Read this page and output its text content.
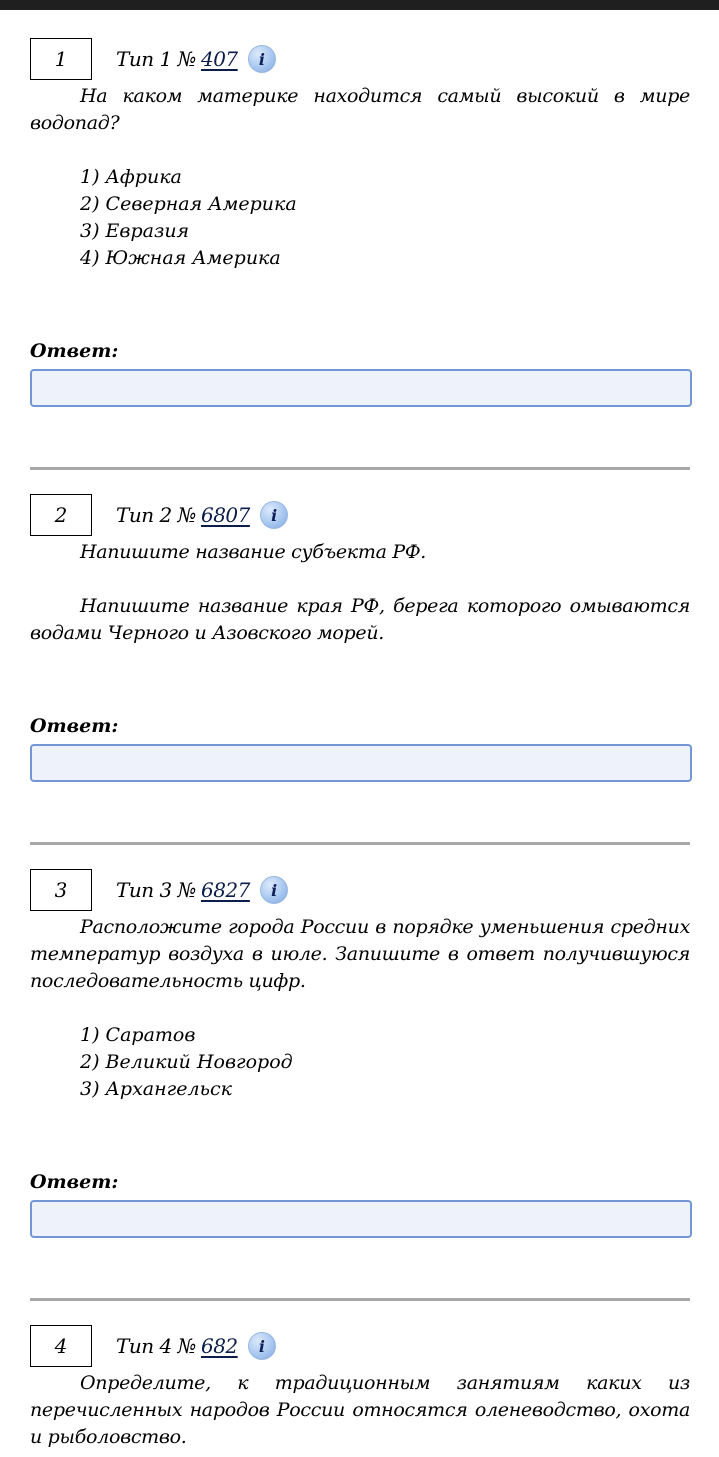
1	Тип 1 № 407	i

На каком материке находится самый высокий в мире водопад?

1) Африка
2) Северная Америка
3) Евразия
4) Южная Америка
Ответ:
2	Тип 2 № 6807	i

Напишите название субъекта РФ.

Напишите название края РФ, берега которого омываются водами Черного и Азовского морей.

Ответ:
3	Тип 3 № 6827	i

Расположите города России в порядке уменьшения средних температур воздуха в июле. Запишите в ответ получившуюся последовательность цифр.

1) Саратов
2) Великий Новгород
3) Архангельск
Ответ:
4	Тип 4 № 682	i

Определите, к традиционным занятиям каких из перечисленных народов России относятся оленеводство, охота и рыболовство.
